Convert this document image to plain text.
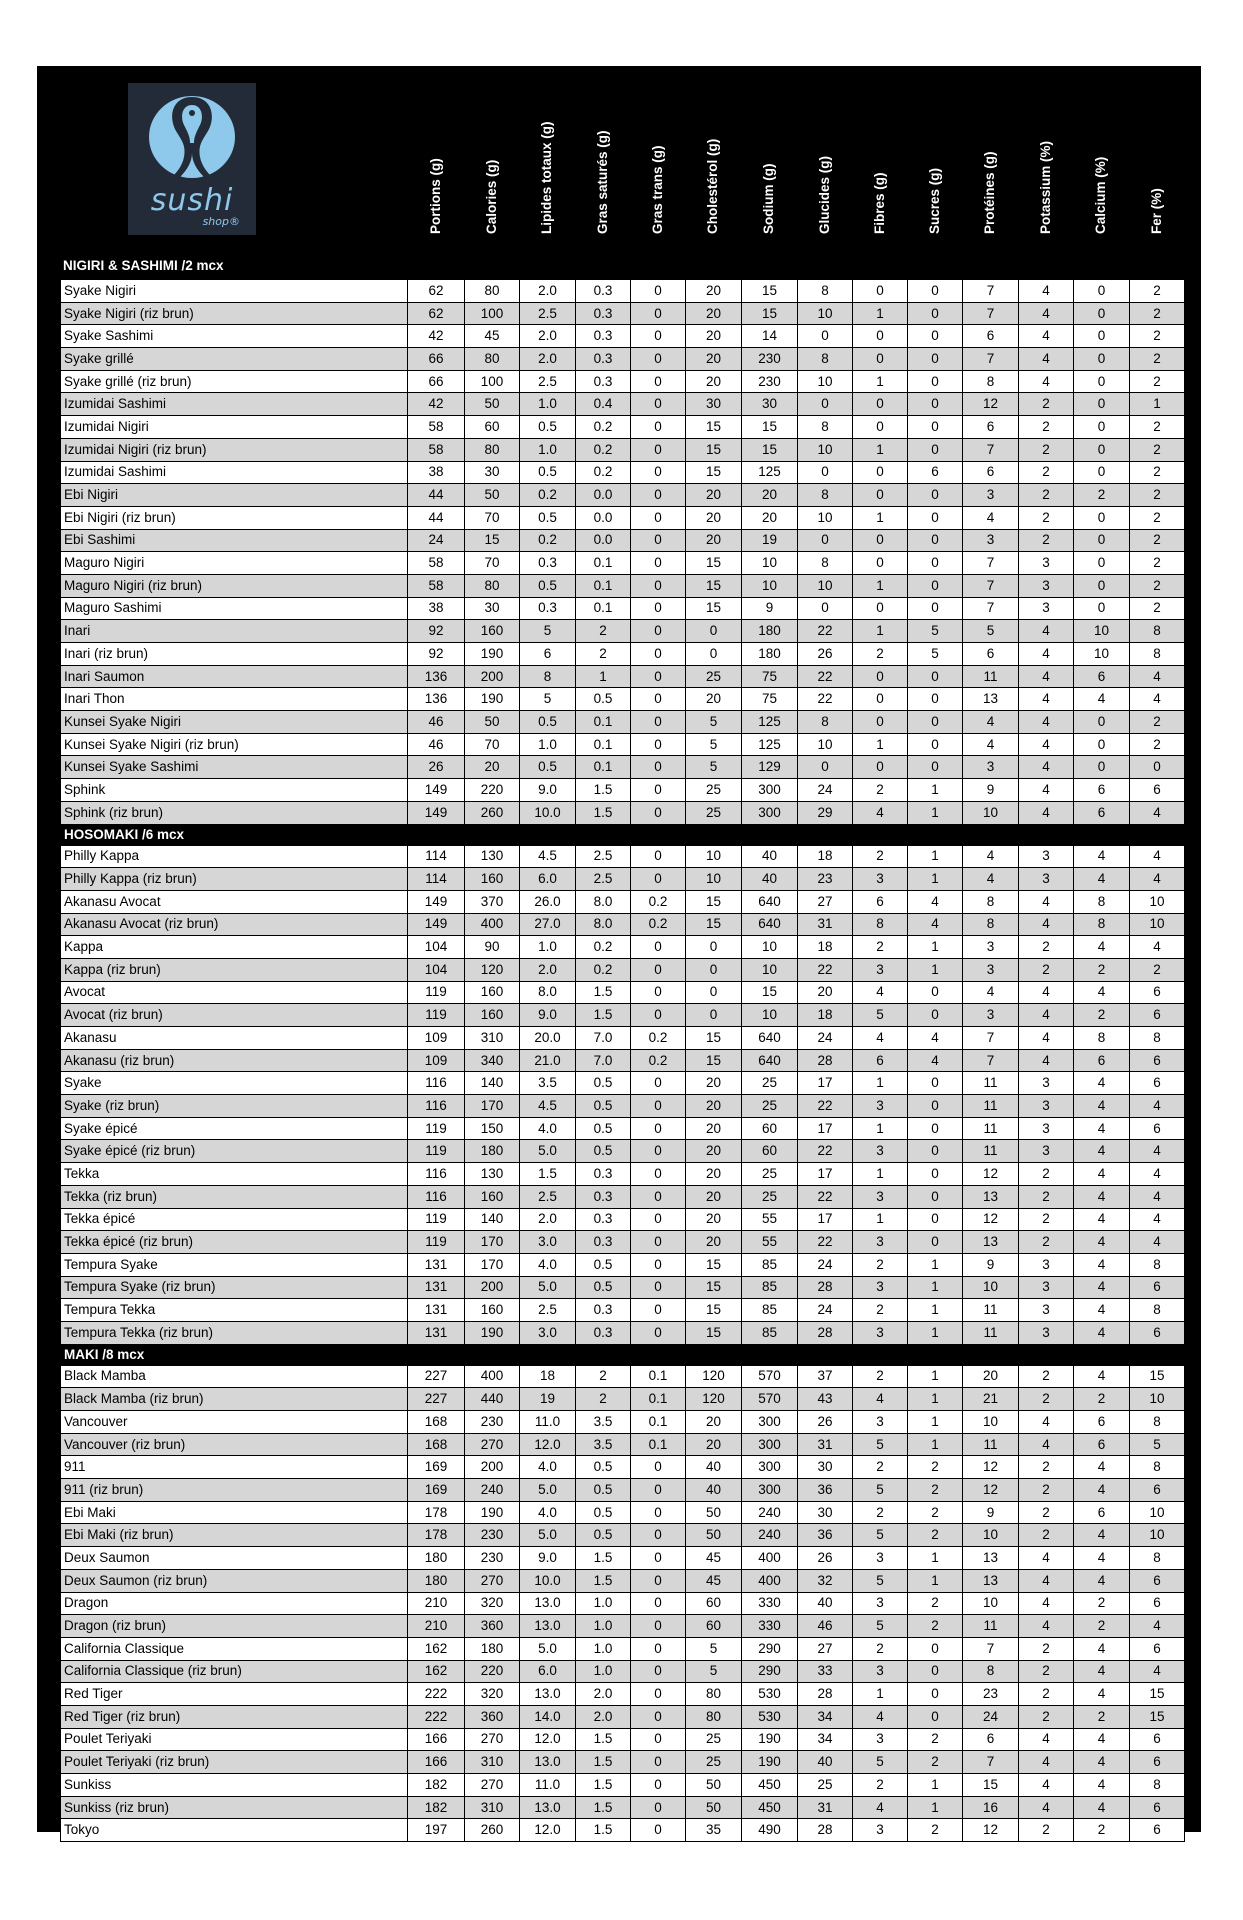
sushi
shop®	Portions (g)	Calories (g)	Lipides totaux (g)	Gras saturés (g)	Gras trans (g)	Cholestérol (g)	Sodium (g)	Glucides (g)	Fibres (g)	Sucres (g)	Protéines (g)	Potassium (%)	Calcium (%)	Fer (%)
Syake Nigiri	62	80	2.0	0.3	0	20	15	8	0	0	7	4	0	2
Syake Nigiri (riz brun)	62	100	2.5	0.3	0	20	15	10	1	0	7	4	0	2
Syake Sashimi	42	45	2.0	0.3	0	20	14	0	0	0	6	4	0	2
Syake grillé	66	80	2.0	0.3	0	20	230	8	0	0	7	4	0	2
Syake grillé (riz brun)	66	100	2.5	0.3	0	20	230	10	1	0	8	4	0	2
Izumidai Sashimi	42	50	1.0	0.4	0	30	30	0	0	0	12	2	0	1
Izumidai Nigiri	58	60	0.5	0.2	0	15	15	8	0	0	6	2	0	2
Izumidai Nigiri (riz brun)	58	80	1.0	0.2	0	15	15	10	1	0	7	2	0	2
Izumidai Sashimi	38	30	0.5	0.2	0	15	125	0	0	6	6	2	0	2
Ebi Nigiri	44	50	0.2	0.0	0	20	20	8	0	0	3	2	2	2
Ebi Nigiri (riz brun)	44	70	0.5	0.0	0	20	20	10	1	0	4	2	0	2
Ebi Sashimi	24	15	0.2	0.0	0	20	19	0	0	0	3	2	0	2
Maguro Nigiri	58	70	0.3	0.1	0	15	10	8	0	0	7	3	0	2
Maguro Nigiri (riz brun)	58	80	0.5	0.1	0	15	10	10	1	0	7	3	0	2
Maguro Sashimi	38	30	0.3	0.1	0	15	9	0	0	0	7	3	0	2
Inari	92	160	5	2	0	0	180	22	1	5	5	4	10	8
Inari (riz brun)	92	190	6	2	0	0	180	26	2	5	6	4	10	8
Inari Saumon	136	200	8	1	0	25	75	22	0	0	11	4	6	4
Inari Thon	136	190	5	0.5	0	20	75	22	0	0	13	4	4	4
Kunsei Syake Nigiri	46	50	0.5	0.1	0	5	125	8	0	0	4	4	0	2
Kunsei Syake Nigiri (riz brun)	46	70	1.0	0.1	0	5	125	10	1	0	4	4	0	2
Kunsei Syake Sashimi	26	20	0.5	0.1	0	5	129	0	0	0	3	4	0	0
Sphink	149	220	9.0	1.5	0	25	300	24	2	1	9	4	6	6
Sphink (riz brun)	149	260	10.0	1.5	0	25	300	29	4	1	10	4	6	4
HOSOMAKI /6 mcx														
Philly Kappa	114	130	4.5	2.5	0	10	40	18	2	1	4	3	4	4
Philly Kappa (riz brun)	114	160	6.0	2.5	0	10	40	23	3	1	4	3	4	4
Akanasu Avocat	149	370	26.0	8.0	0.2	15	640	27	6	4	8	4	8	10
Akanasu Avocat (riz brun)	149	400	27.0	8.0	0.2	15	640	31	8	4	8	4	8	10
Kappa	104	90	1.0	0.2	0	0	10	18	2	1	3	2	4	4
Kappa (riz brun)	104	120	2.0	0.2	0	0	10	22	3	1	3	2	2	2
Avocat	119	160	8.0	1.5	0	0	15	20	4	0	4	4	4	6
Avocat (riz brun)	119	160	9.0	1.5	0	0	10	18	5	0	3	4	2	6
Akanasu	109	310	20.0	7.0	0.2	15	640	24	4	4	7	4	8	8
Akanasu (riz brun)	109	340	21.0	7.0	0.2	15	640	28	6	4	7	4	6	6
Syake	116	140	3.5	0.5	0	20	25	17	1	0	11	3	4	6
Syake (riz brun)	116	170	4.5	0.5	0	20	25	22	3	0	11	3	4	4
Syake épicé	119	150	4.0	0.5	0	20	60	17	1	0	11	3	4	6
Syake épicé (riz brun)	119	180	5.0	0.5	0	20	60	22	3	0	11	3	4	4
Tekka	116	130	1.5	0.3	0	20	25	17	1	0	12	2	4	4
Tekka (riz brun)	116	160	2.5	0.3	0	20	25	22	3	0	13	2	4	4
Tekka épicé	119	140	2.0	0.3	0	20	55	17	1	0	12	2	4	4
Tekka épicé (riz brun)	119	170	3.0	0.3	0	20	55	22	3	0	13	2	4	4
Tempura Syake	131	170	4.0	0.5	0	15	85	24	2	1	9	3	4	8
Tempura Syake (riz brun)	131	200	5.0	0.5	0	15	85	28	3	1	10	3	4	6
Tempura Tekka	131	160	2.5	0.3	0	15	85	24	2	1	11	3	4	8
Tempura Tekka (riz brun)	131	190	3.0	0.3	0	15	85	28	3	1	11	3	4	6
MAKI /8 mcx														
Black Mamba	227	400	18	2	0.1	120	570	37	2	1	20	2	4	15
Black Mamba (riz brun)	227	440	19	2	0.1	120	570	43	4	1	21	2	2	10
Vancouver	168	230	11.0	3.5	0.1	20	300	26	3	1	10	4	6	8
Vancouver (riz brun)	168	270	12.0	3.5	0.1	20	300	31	5	1	11	4	6	5
911	169	200	4.0	0.5	0	40	300	30	2	2	12	2	4	8
911 (riz brun)	169	240	5.0	0.5	0	40	300	36	5	2	12	2	4	6
Ebi Maki	178	190	4.0	0.5	0	50	240	30	2	2	9	2	6	10
Ebi Maki (riz brun)	178	230	5.0	0.5	0	50	240	36	5	2	10	2	4	10
Deux Saumon	180	230	9.0	1.5	0	45	400	26	3	1	13	4	4	8
Deux Saumon (riz brun)	180	270	10.0	1.5	0	45	400	32	5	1	13	4	4	6
Dragon	210	320	13.0	1.0	0	60	330	40	3	2	10	4	2	6
Dragon (riz brun)	210	360	13.0	1.0	0	60	330	46	5	2	11	4	2	4
California Classique	162	180	5.0	1.0	0	5	290	27	2	0	7	2	4	6
California Classique (riz brun)	162	220	6.0	1.0	0	5	290	33	3	0	8	2	4	4
Red Tiger	222	320	13.0	2.0	0	80	530	28	1	0	23	2	4	15
Red Tiger (riz brun)	222	360	14.0	2.0	0	80	530	34	4	0	24	2	2	15
Poulet Teriyaki	166	270	12.0	1.5	0	25	190	34	3	2	6	4	4	6
Poulet Teriyaki (riz brun)	166	310	13.0	1.5	0	25	190	40	5	2	7	4	4	6
Sunkiss	182	270	11.0	1.5	0	50	450	25	2	1	15	4	4	8
Sunkiss (riz brun)	182	310	13.0	1.5	0	50	450	31	4	1	16	4	4	6
Tokyo	197	260	12.0	1.5	0	35	490	28	3	2	12	2	2	6
NIGIRI & SASHIMI /2 mcx
